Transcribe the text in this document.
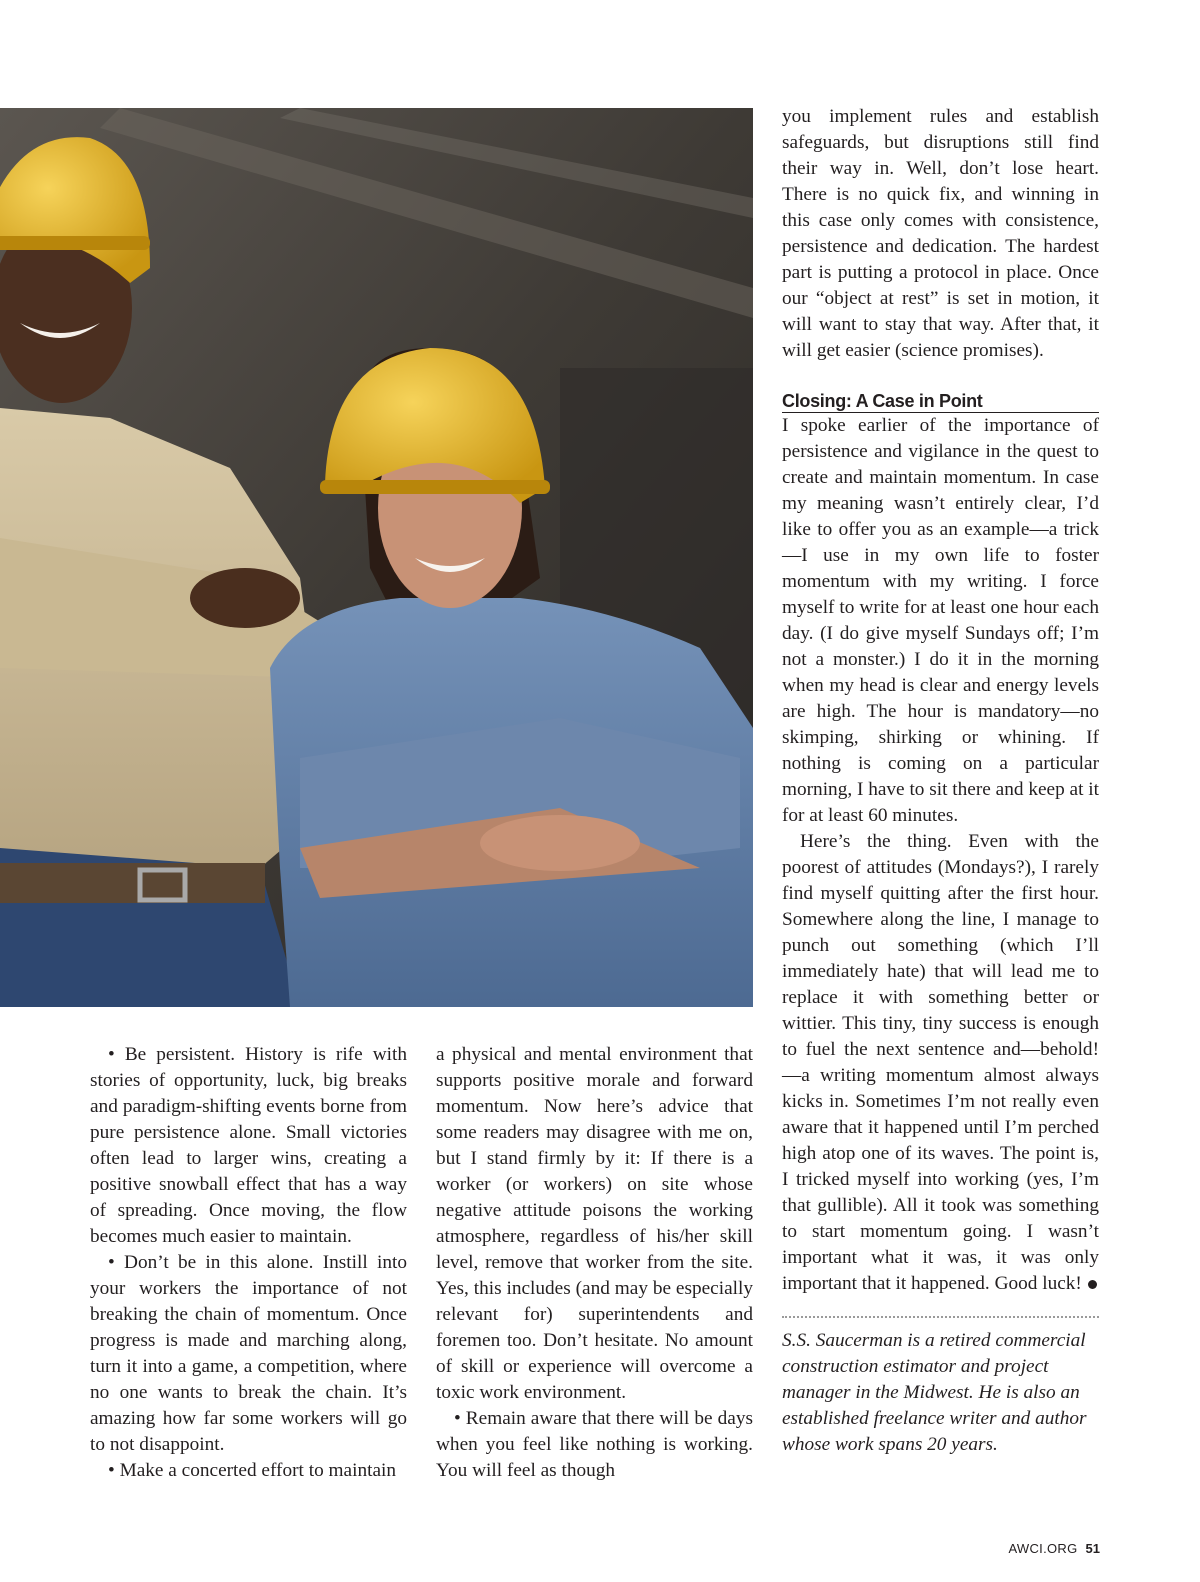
• Be persistent. History is rife with stories of opportunity, luck, big breaks and paradigm-shifting events borne from pure persistence alone. Small victories often lead to larger wins, creating a positive snowball effect that has a way of spreading. Once moving, the flow becomes much easier to maintain.

• Don’t be in this alone. Instill into your workers the importance of not breaking the chain of momentum. Once progress is made and marching along, turn it into a game, a competition, where no one wants to break the chain. It’s amazing how far some workers will go to not disappoint.

• Make a concerted effort to maintain

a physical and mental environment that supports positive morale and forward momentum. Now here’s advice that some readers may disagree with me on, but I stand firmly by it: If there is a worker (or workers) on site whose negative attitude poisons the working atmosphere, regardless of his/her skill level, remove that worker from the site. Yes, this includes (and may be especially relevant for) superintendents and foremen too. Don’t hesitate. No amount of skill or experience will overcome a toxic work environment.

• Remain aware that there will be days when you feel like nothing is working. You will feel as though

you implement rules and establish safeguards, but disruptions still find their way in. Well, don’t lose heart. There is no quick fix, and winning in this case only comes with consistence, persistence and dedication. The hardest part is putting a protocol in place. Once our “object at rest” is set in motion, it will want to stay that way. After that, it will get easier (science promises).

Closing: A Case in Point

I spoke earlier of the importance of persistence and vigilance in the quest to create and maintain momentum. In case my meaning wasn’t entirely clear, I’d like to offer you as an example—a trick—I use in my own life to foster momentum with my writing. I force myself to write for at least one hour each day. (I do give myself Sundays off; I’m not a monster.) I do it in the morning when my head is clear and energy levels are high. The hour is mandatory—no skimping, shirking or whining. If nothing is coming on a particular morning, I have to sit there and keep at it for at least 60 minutes.

Here’s the thing. Even with the poorest of attitudes (Mondays?), I rarely find myself quitting after the first hour. Somewhere along the line, I manage to punch out something (which I’ll immediately hate) that will lead me to replace it with something better or wittier. This tiny, tiny success is enough to fuel the next sentence and—behold!—a writing momentum almost always kicks in. Sometimes I’m not really even aware that it happened until I’m perched high atop one of its waves. The point is, I tricked myself into working (yes, I’m that gullible). All it took was something to start momentum going. I wasn’t important what it was, it was only important that it happened. Good luck!

S.S. Saucerman is a retired commercial construction estimator and project manager in the Midwest. He is also an established freelance writer and author whose work spans 20 years.
AWCI.ORG 51
